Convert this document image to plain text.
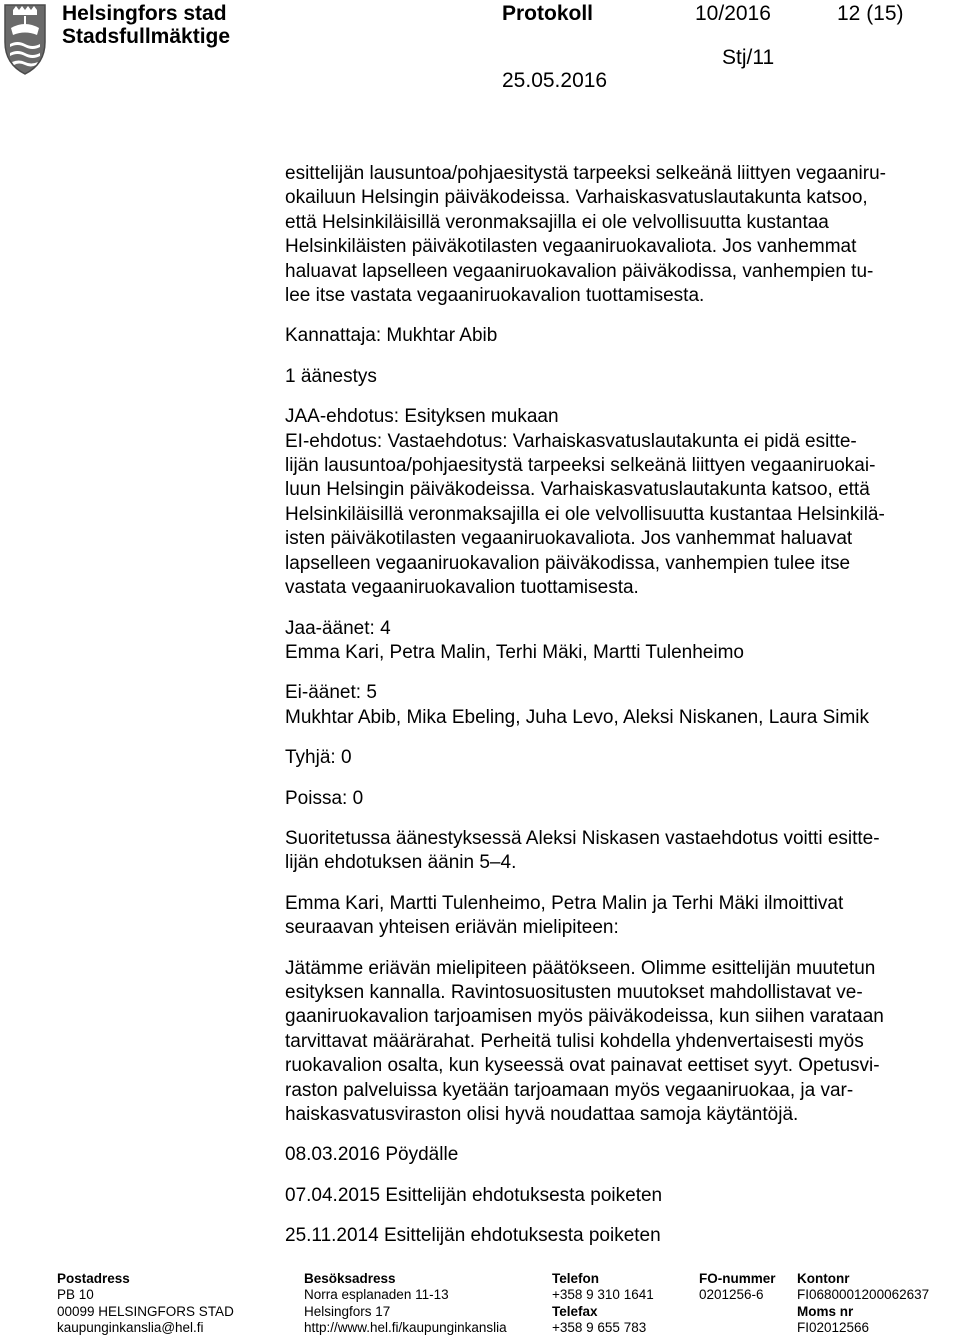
Helsingfors stad
Stadsfullmäktige
Protokoll	10/2016	12 (15)
Stj/11
25.05.2016

esittelijän lausuntoa/pohjaesitystä tarpeeksi selkeänä liittyen vegaaniru-

okailuun Helsingin päiväkodeissa. Varhaiskasvatuslautakunta katsoo,

että Helsinkiläisillä veronmaksajilla ei ole velvollisuutta kustantaa

Helsinkiläisten päiväkotilasten vegaaniruokavaliota. Jos vanhemmat

haluavat lapselleen vegaaniruokavalion päiväkodissa, vanhempien tu-

lee itse vastata vegaaniruokavalion tuottamisesta.

Kannattaja: Mukhtar Abib

1 äänestys

JAA-ehdotus: Esityksen mukaan

EI-ehdotus: Vastaehdotus: Varhaiskasvatuslautakunta ei pidä esitte-

lijän lausuntoa/pohjaesitystä tarpeeksi selkeänä liittyen vegaaniruokai-

luun Helsingin päiväkodeissa. Varhaiskasvatuslautakunta katsoo, että

Helsinkiläisillä veronmaksajilla ei ole velvollisuutta kustantaa Helsinkilä-

isten päiväkotilasten vegaaniruokavaliota. Jos vanhemmat haluavat

lapselleen vegaaniruokavalion päiväkodissa, vanhempien tulee itse

vastata vegaaniruokavalion tuottamisesta.

Jaa-äänet: 4

Emma Kari, Petra Malin, Terhi Mäki, Martti Tulenheimo

Ei-äänet: 5

Mukhtar Abib, Mika Ebeling, Juha Levo, Aleksi Niskanen, Laura Simik

Tyhjä: 0

Poissa: 0

Suoritetussa äänestyksessä Aleksi Niskasen vastaehdotus voitti esitte-

lijän ehdotuksen äänin 5–4.

Emma Kari, Martti Tulenheimo, Petra Malin ja Terhi Mäki ilmoittivat

seuraavan yhteisen eriävän mielipiteen:

Jätämme eriävän mielipiteen päätökseen. Olimme esittelijän muutetun

esityksen kannalla. Ravintosuositusten muutokset mahdollistavat ve-

gaaniruokavalion tarjoamisen myös päiväkodeissa, kun siihen varataan

tarvittavat määrärahat. Perheitä tulisi kohdella yhdenvertaisesti myös

ruokavalion osalta, kun kyseessä ovat painavat eettiset syyt. Opetusvi-

raston palveluissa kyetään tarjoamaan myös vegaaniruokaa, ja var-

haiskasvatusviraston olisi hyvä noudattaa samoja käytäntöjä.

08.03.2016 Pöydälle

07.04.2015 Esittelijän ehdotuksesta poiketen

25.11.2014 Esittelijän ehdotuksesta poiketen

Postadress
PB 10
00099 HELSINGFORS STAD
kaupunginkanslia@hel.fi
Besöksadress
Norra esplanaden 11-13
Helsingfors 17
http://www.hel.fi/kaupunginkanslia
Telefon
+358 9 310 1641
Telefax
+358 9 655 783
FO-nummer
0201256-6
Kontonr
FI0680001200062637
Moms nr
FI02012566
